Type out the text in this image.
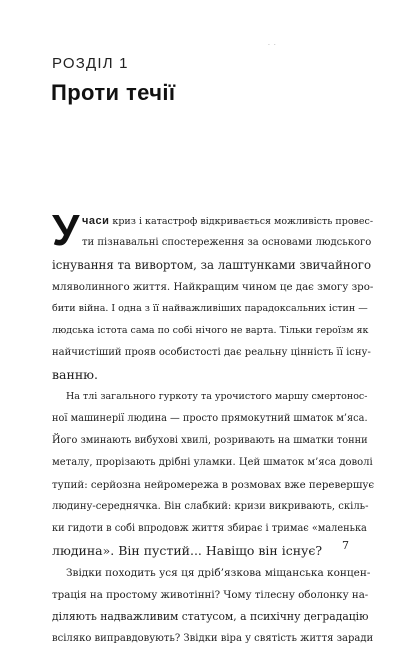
· ·
РОЗДІЛ 1
Проти течії
У часи криз і катастроф відкривається можливість провес-
ти пізнавальні спостереження за основами людського
існування та вивортом, за лаштунками звичайного
мляволинного життя. Найкращим чином це дає змогу зро-
бити війна. І одна з її найважливіших парадоксальних істин —
людська істота сама по собі нічого не варта. Тільки героїзм як
найчистіший прояв особистості дає реальну цінність її існу-
ванню.
На тлі загального гуркоту та урочистого маршу смертонос-
ної машинерії людина — просто прямокутний шматок м’яса.
Його зминають вибухові хвилі, розривають на шматки тонни
металу, прорізають дрібні уламки. Цей шматок м’яса доволі
тупий: серйозна нейромережа в розмовах вже перевершує
людину-середнячка. Він слабкий: кризи викривають, скіль-
ки гидоти в собі впродовж життя збирає і тримає «маленька
людина». Він пустий... Навіщо він існує?
Звідки походить уся ця дріб’язкова міщанська концен-
трація на простому животінні? Чому тілесну оболонку на-
діляють надважливим статусом, а психічну деградацію
всіляко виправдовують? Звідки віра у святість життя заради
7
